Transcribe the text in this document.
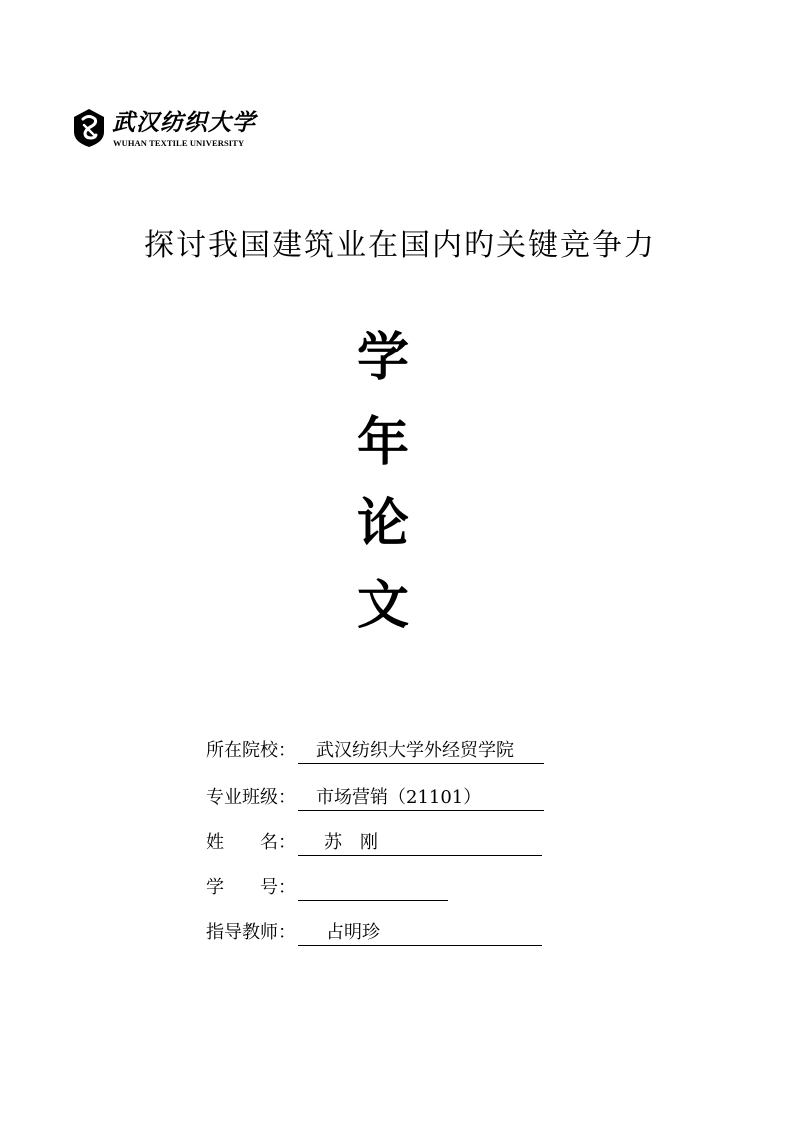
武汉纺织大学
WUHAN TEXTILE UNIVERSITY
探讨我国建筑业在国内旳关键竞争力
学
年
论
文
所在院校：	武汉纺织大学外经贸学院
专业班级：	市场营销（21101）
姓　　名：	苏　刚
学　　号：
指导教师：	占明珍
